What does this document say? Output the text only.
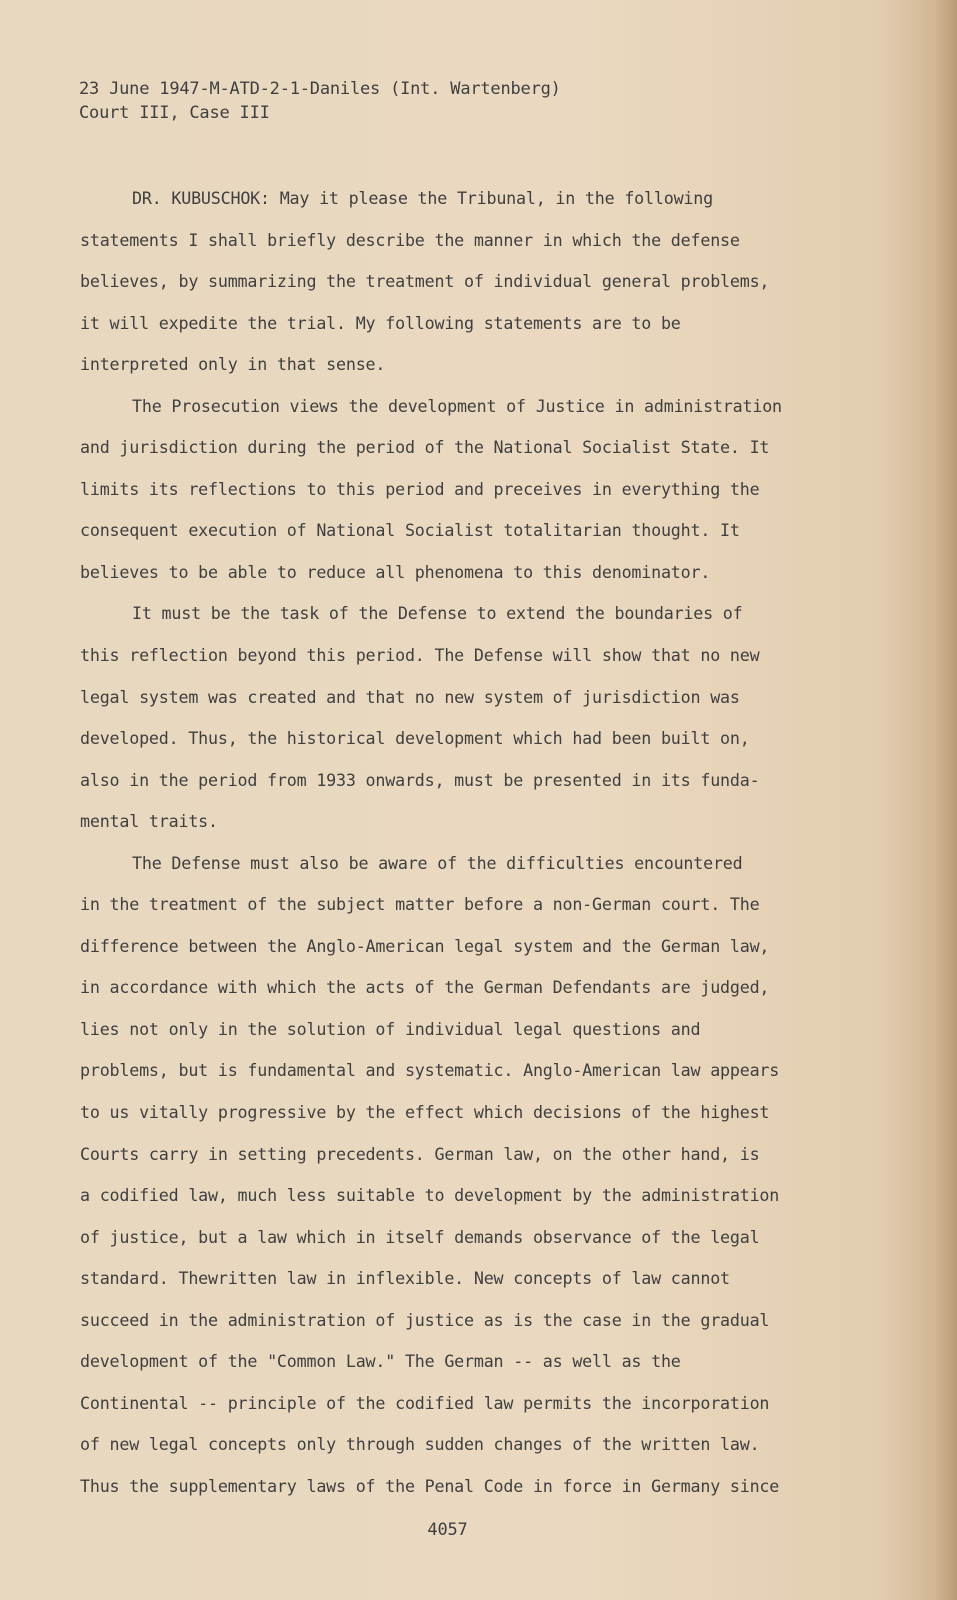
23 June 1947-M-ATD-2-1-Daniles (Int. Wartenberg)
Court III, Case III
DR. KUBUSCHOK: May it please the Tribunal, in the following
statements I shall briefly describe the manner in which the defense
believes, by summarizing the treatment of individual general problems,
it will expedite the trial. My following statements are to be
interpreted only in that sense.
The Prosecution views the development of Justice in administration
and jurisdiction during the period of the National Socialist State. It
limits its reflections to this period and preceives in everything the
consequent execution of National Socialist totalitarian thought. It
believes to be able to reduce all phenomena to this denominator.
It must be the task of the Defense to extend the boundaries of
this reflection beyond this period. The Defense will show that no new
legal system was created and that no new system of jurisdiction was
developed. Thus, the historical development which had been built on,
also in the period from 1933 onwards, must be presented in its funda-
mental traits.
The Defense must also be aware of the difficulties encountered
in the treatment of the subject matter before a non-German court. The
difference between the Anglo-American legal system and the German law,
in accordance with which the acts of the German Defendants are judged,
lies not only in the solution of individual legal questions and
problems, but is fundamental and systematic. Anglo-American law appears
to us vitally progressive by the effect which decisions of the highest
Courts carry in setting precedents. German law, on the other hand, is
a codified law, much less suitable to development by the administration
of justice, but a law which in itself demands observance of the legal
standard. Thewritten law in inflexible. New concepts of law cannot
succeed in the administration of justice as is the case in the gradual
development of the "Common Law." The German -- as well as the
Continental -- principle of the codified law permits the incorporation
of new legal concepts only through sudden changes of the written law.
Thus the supplementary laws of the Penal Code in force in Germany since
4057
